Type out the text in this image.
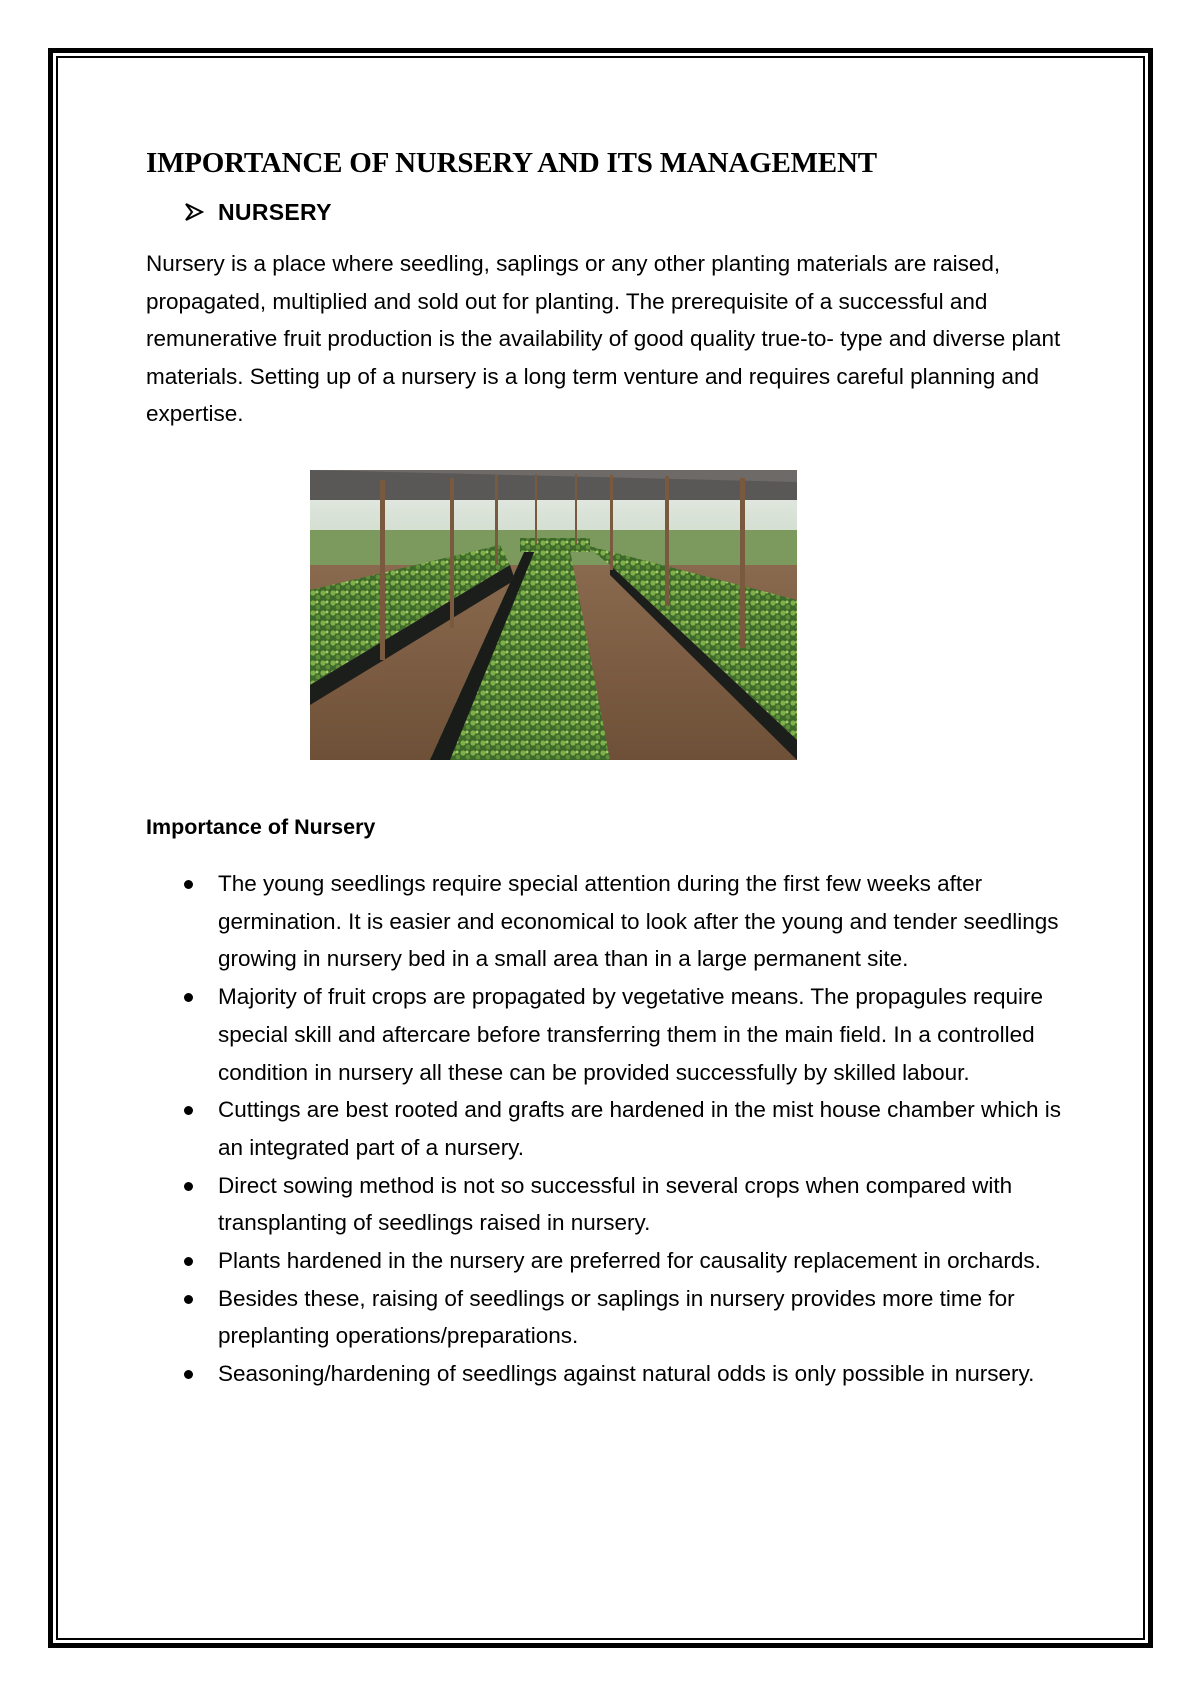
IMPORTANCE OF NURSERY AND ITS MANAGEMENT
NURSERY
Nursery is a place where seedling, saplings or any other planting materials are raised, propagated, multiplied and sold out for planting. The prerequisite of a successful and remunerative fruit production is the availability of good quality true-to- type and diverse plant materials. Setting up of a nursery is a long term venture and requires careful planning and expertise.
Importance of Nursery
The young seedlings require special attention during the first few weeks after germination. It is easier and economical to look after the young and tender seedlings growing in nursery bed in a small area than in a large permanent site.
Majority of fruit crops are propagated by vegetative means. The propagules require special skill and aftercare before transferring them in the main field. In a controlled condition in nursery all these can be provided successfully by skilled labour.
Cuttings are best rooted and grafts are hardened in the mist house chamber which is an integrated part of a nursery.
Direct sowing method is not so successful in several crops when compared with transplanting of seedlings raised in nursery.
Plants hardened in the nursery are preferred for causality replacement in orchards.
Besides these, raising of seedlings or saplings in nursery provides more time for preplanting operations/preparations.
Seasoning/hardening of seedlings against natural odds is only possible in nursery.
